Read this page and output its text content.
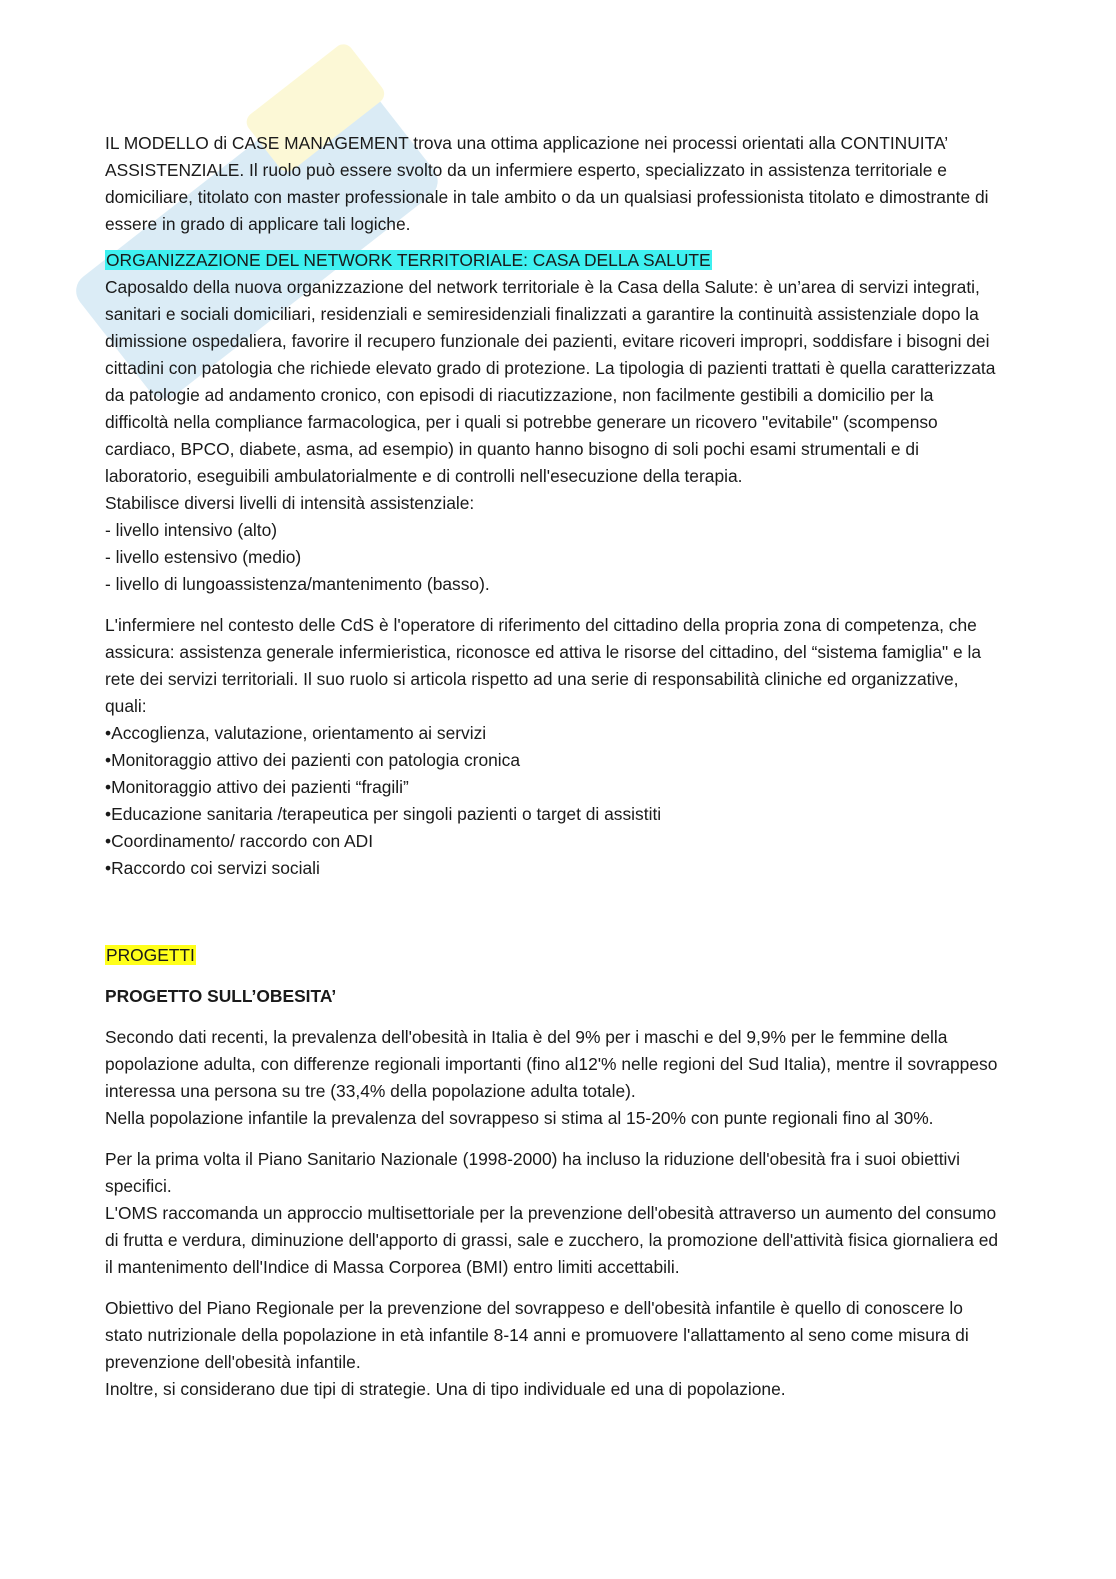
IL MODELLO di CASE MANAGEMENT trova una ottima applicazione nei processi orientati alla CONTINUITA’ ASSISTENZIALE. Il ruolo può essere svolto da un infermiere esperto, specializzato in assistenza territoriale e domiciliare, titolato con master professionale in tale ambito o da un qualsiasi professionista titolato e dimostrante di essere in grado di applicare tali logiche.

ORGANIZZAZIONE DEL NETWORK TERRITORIALE: CASA DELLA SALUTE

Caposaldo della nuova organizzazione del network territoriale è la Casa della Salute: è un’area di servizi integrati, sanitari e sociali domiciliari, residenziali e semiresidenziali finalizzati a garantire la continuità assistenziale dopo la dimissione ospedaliera, favorire il recupero funzionale dei pazienti, evitare ricoveri impropri, soddisfare i bisogni dei cittadini con patologia che richiede elevato grado di protezione. La tipologia di pazienti trattati è quella caratterizzata da patologie ad andamento cronico, con episodi di riacutizzazione, non facilmente gestibili a domicilio per la difficoltà nella compliance farmacologica, per i quali si potrebbe generare un ricovero "evitabile" (scompenso cardiaco, BPCO, diabete, asma, ad esempio) in quanto hanno bisogno di soli pochi esami strumentali e di laboratorio, eseguibili ambulatorialmente e di controlli nell'esecuzione della terapia.

Stabilisce diversi livelli di intensità assistenziale:

- livello intensivo (alto)
- livello estensivo (medio)
- livello di lungoassistenza/mantenimento (basso).

L'infermiere nel contesto delle CdS è l'operatore di riferimento del cittadino della propria zona di competenza, che assicura: assistenza generale infermieristica, riconosce ed attiva le risorse del cittadino, del “sistema famiglia" e la rete dei servizi territoriali. Il suo ruolo si articola rispetto ad una serie di responsabilità cliniche ed organizzative, quali:

•Accoglienza, valutazione, orientamento ai servizi
•Monitoraggio attivo dei pazienti con patologia cronica
•Monitoraggio attivo dei pazienti “fragili”
•Educazione sanitaria /terapeutica per singoli pazienti o target di assistiti
•Coordinamento/ raccordo con ADI
•Raccordo coi servizi sociali

PROGETTI

PROGETTO SULL’OBESITA’

Secondo dati recenti, la prevalenza dell'obesità in Italia è del 9% per i maschi e del 9,9% per le femmine della popolazione adulta, con differenze regionali importanti (fino al12'% nelle regioni del Sud Italia), mentre il sovrappeso interessa una persona su tre (33,4% della popolazione adulta totale).

Nella popolazione infantile la prevalenza del sovrappeso si stima al 15-20% con punte regionali fino al 30%.

Per la prima volta il Piano Sanitario Nazionale (1998-2000) ha incluso la riduzione dell'obesità fra i suoi obiettivi specifici.

L'OMS raccomanda un approccio multisettoriale per la prevenzione dell'obesità attraverso un aumento del consumo di frutta e verdura, diminuzione dell'apporto di grassi, sale e zucchero, la promozione dell'attività fisica giornaliera ed il mantenimento dell'Indice di Massa Corporea (BMI) entro limiti accettabili.

Obiettivo del Piano Regionale per la prevenzione del sovrappeso e dell'obesità infantile è quello di conoscere lo stato nutrizionale della popolazione in età infantile 8-14 anni e promuovere l'allattamento al seno come misura di prevenzione dell'obesità infantile.

Inoltre, si considerano due tipi di strategie. Una di tipo individuale ed una di popolazione.
